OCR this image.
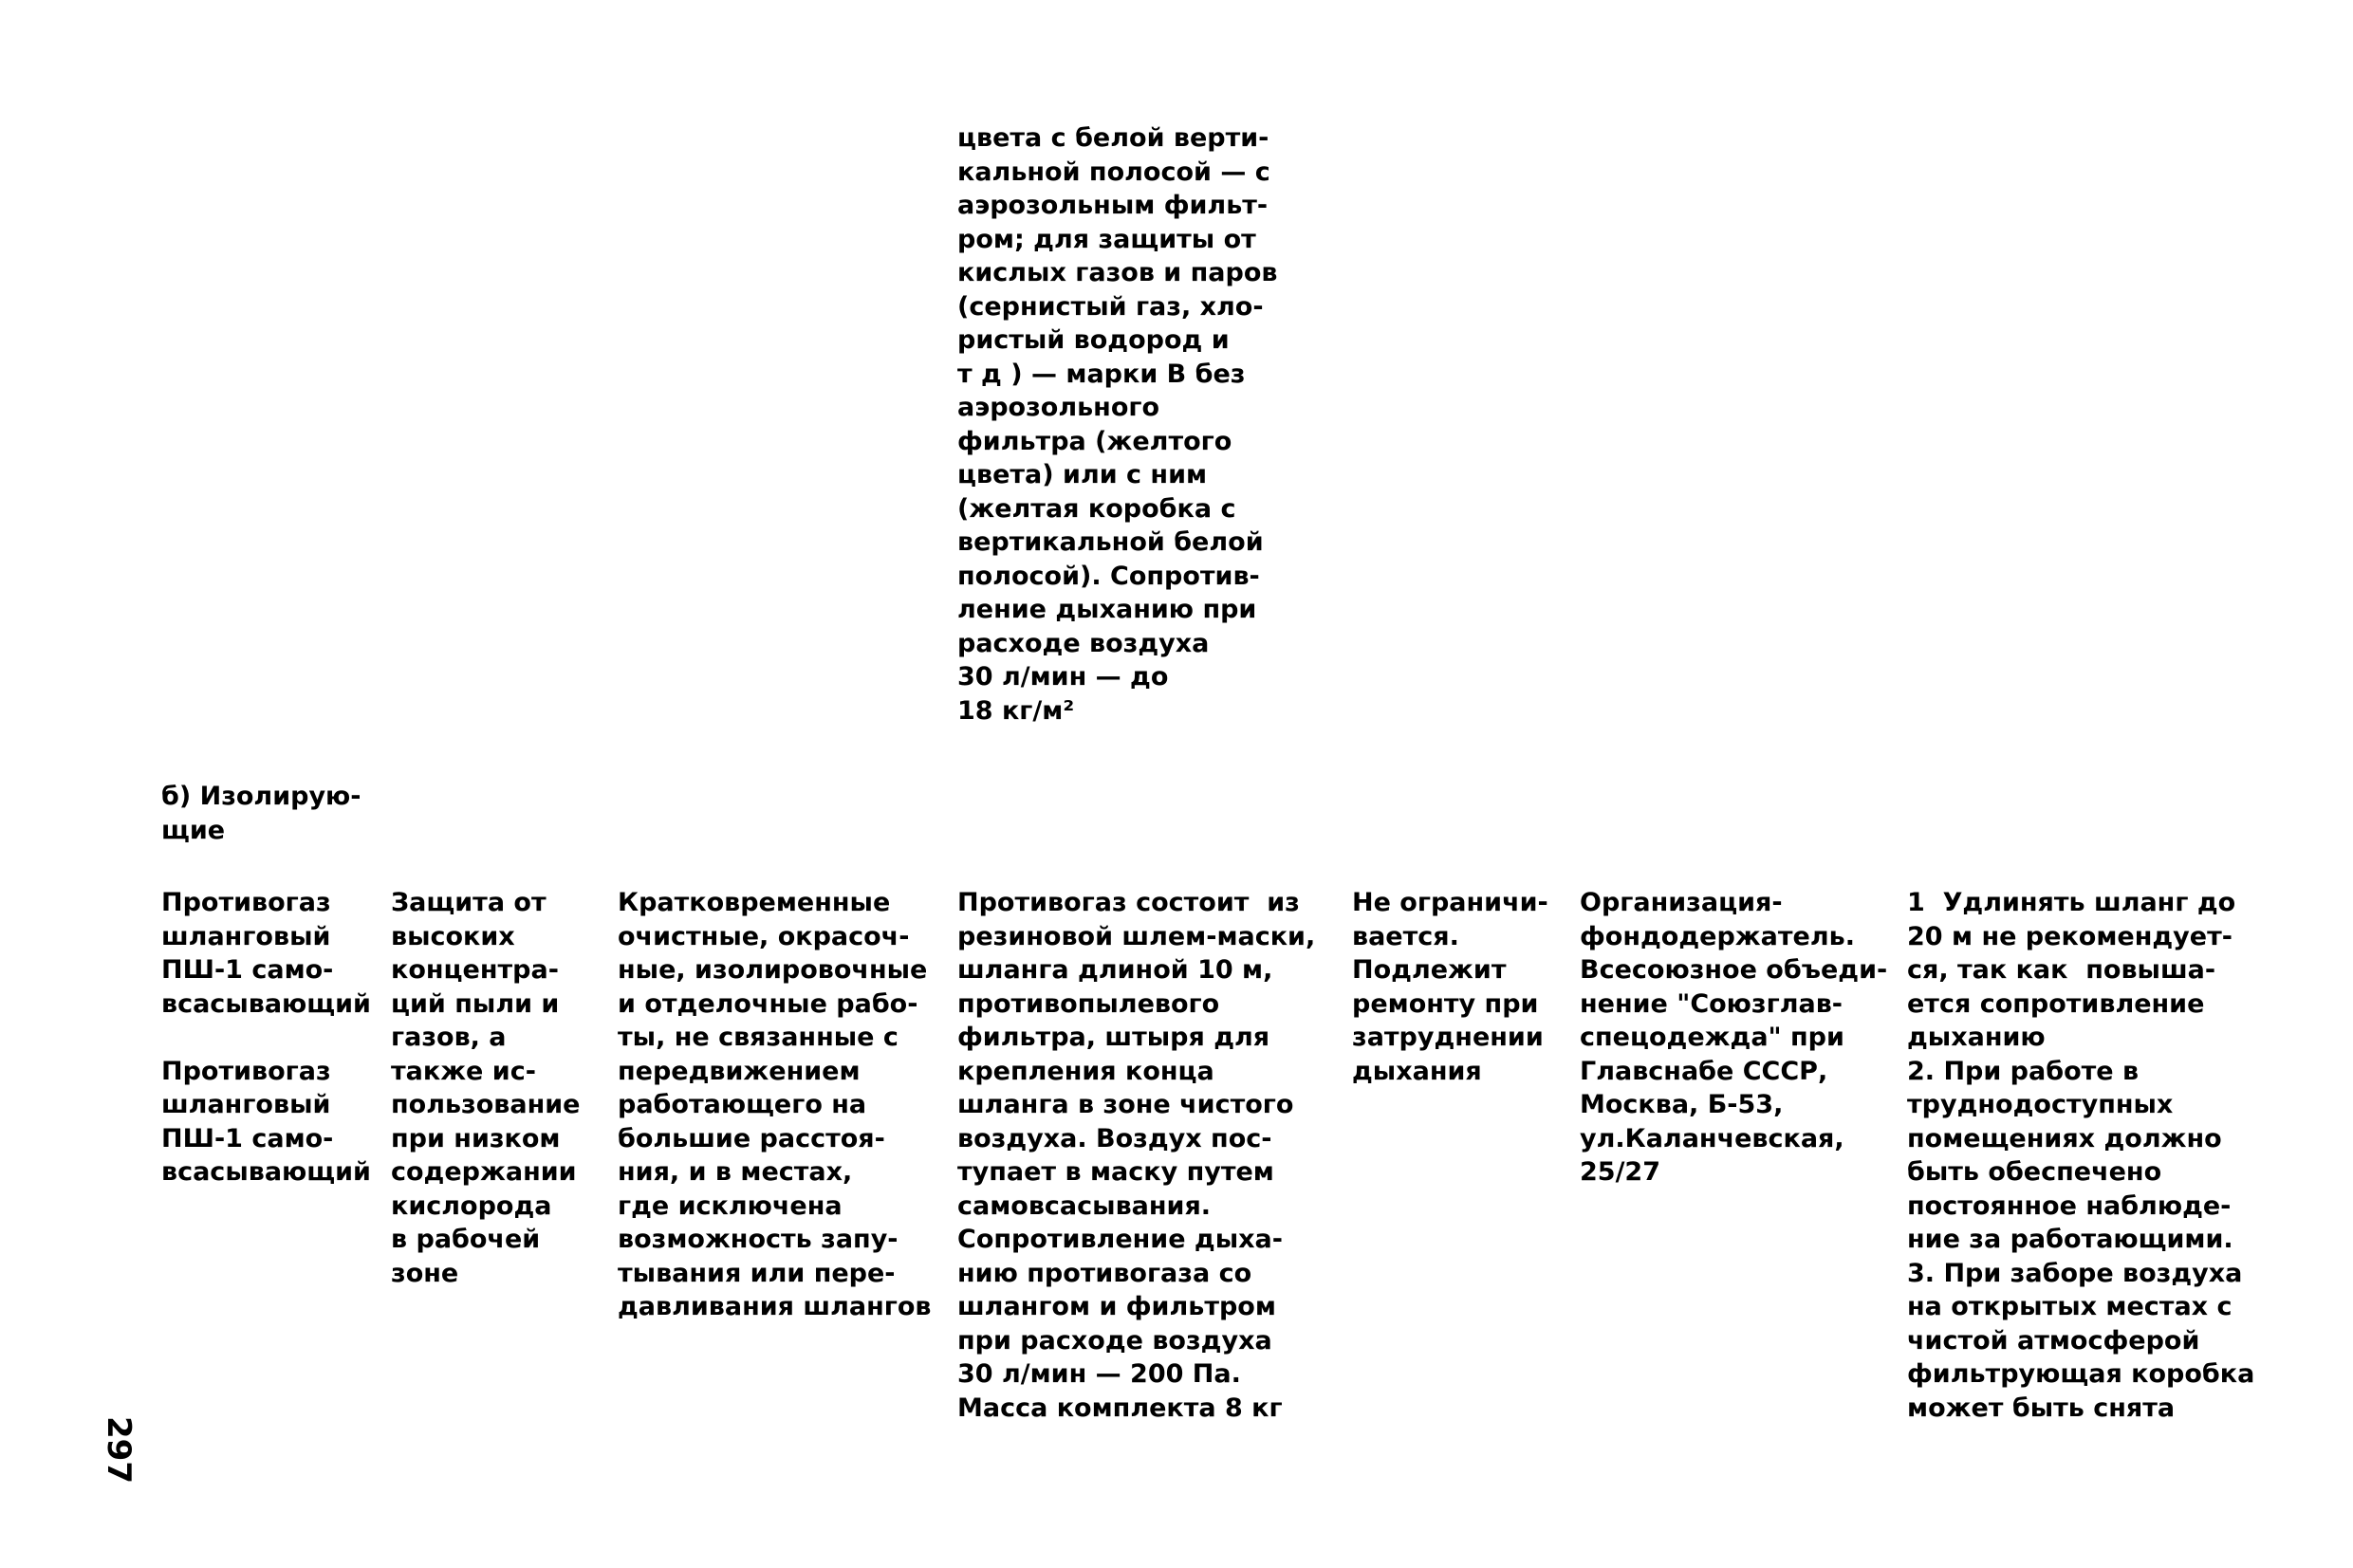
цвета с белой верти-
кальной полосой — с
аэрозольным фильт-
ром; для защиты от
кислых газов и паров
(сернистый газ, хло-
ристый водород и
т д ) — марки В без
аэрозольного
фильтра (желтого
цвета) или с ним
(желтая коробка с
вертикальной белой
полосой). Сопротив-
ление дыханию при
расходе воздуха
30 л/мин — до
18 кг/м²
б) Изолирую-
щие
Противогаз
шланговый
ПШ-1 само-
всасывающий

Противогаз
шланговый
ПШ-1 само-
всасывающий
Защита от
высоких
концентра-
ций пыли и
газов, а
также ис-
пользование
при низком
содержании
кислорода
в рабочей
зоне
Кратковременные
очистные, окрасоч-
ные, изолировочные
и отделочные рабо-
ты, не связанные с
передвижением
работающего на
большие расстоя-
ния, и в местах,
где исключена
возможность запу-
тывания или пере-
давливания шлангов
Противогаз состоит  из
резиновой шлем-маски,
шланга длиной 10 м,
противопылевого
фильтра, штыря для
крепления конца
шланга в зоне чистого
воздуха. Воздух пос-
тупает в маску путем
самовсасывания.
Сопротивление дыха-
нию противогаза со
шлангом и фильтром
при расходе воздуха
30 л/мин — 200 Па.
Масса комплекта 8 кг
Не ограничи-
вается.
Подлежит
ремонту при
затруднении
дыхания
Организация-
фондодержатель.
Всесоюзное объеди-
нение "Союзглав-
спецодежда" при
Главснабе СССР,
Москва, Б-53,
ул.Каланчевская,
25/27
1  Удлинять шланг до
20 м не рекомендует-
ся, так как  повыша-
ется сопротивление
дыханию
2. При работе в
труднодоступных
помещениях должно
быть обеспечено
постоянное наблюде-
ние за работающими.
3. При заборе воздуха
на открытых местах с
чистой атмосферой
фильтрующая коробка
может быть снята
297
